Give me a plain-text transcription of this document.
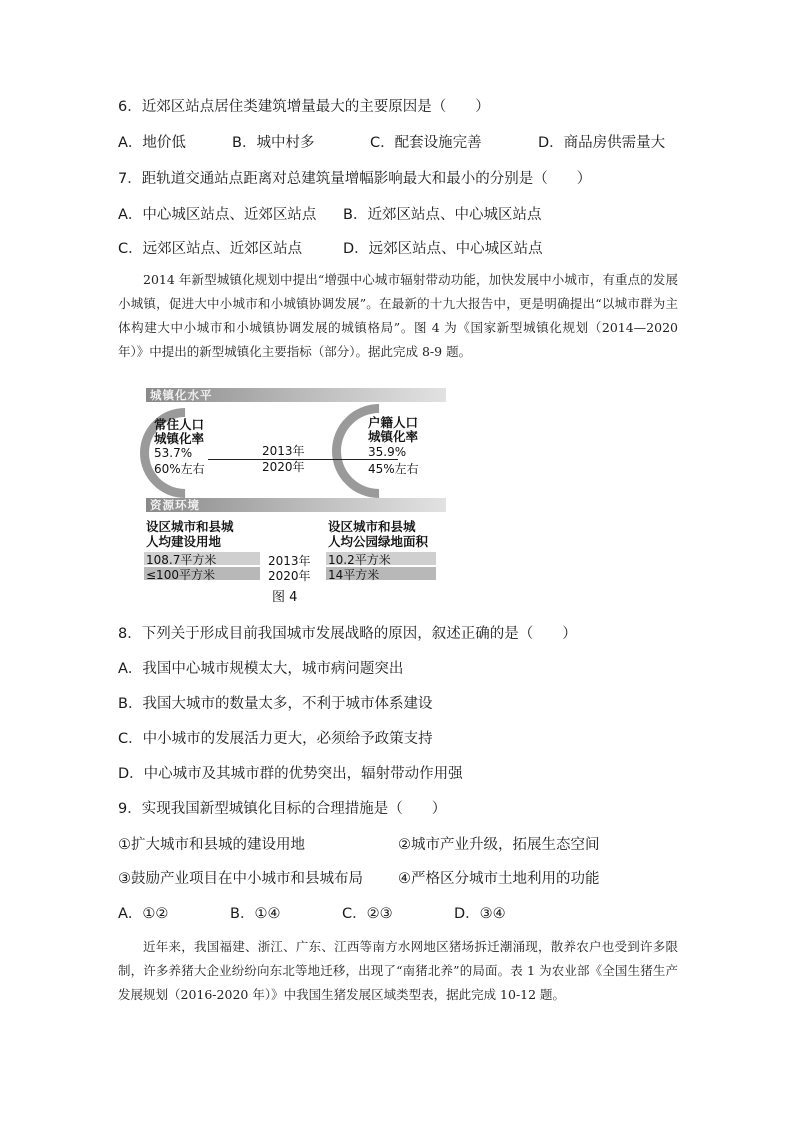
6．近郊区站点居住类建筑增量最大的主要原因是（　　）
A．地价低	B．城中村多	C．配套设施完善	D．商品房供需量大
7．距轨道交通站点距离对总建筑量增幅影响最大和最小的分别是（　　）
A．中心城区站点、近郊区站点 B．近郊区站点、中心城区站点
C．远郊区站点、近郊区站点	D．远郊区站点、中心城区站点
2014 年新型城镇化规划中提出“增强中心城市辐射带动功能，加快发展中小城市，有重点的发展小城镇，促进大中小城市和小城镇协调发展”。在最新的十九大报告中，更是明确提出“以城市群为主体构建大中小城市和小城镇协调发展的城镇格局”。图 4 为《国家新型城镇化规划（2014—2020 年）》中提出的新型城镇化主要指标（部分）。据此完成 8-9 题。
城镇化水平
常住人口
城镇化率
53.7%
60%左右
2013年
2020年
户籍人口
城镇化率
35.9%
45%左右
资源环境
设区城市和县城
人均建设用地
108.7平方米
≤100平方米
2013年
2020年
设区城市和县城
人均公园绿地面积
10.2平方米
14平方米
图 4
8．下列关于形成目前我国城市发展战略的原因，叙述正确的是（　　）
A．我国中心城市规模太大，城市病问题突出
B．我国大城市的数量太多，不利于城市体系建设
C．中小城市的发展活力更大，必须给予政策支持
D．中心城市及其城市群的优势突出，辐射带动作用强
9．实现我国新型城镇化目标的合理措施是（　　）
①扩大城市和县城的建设用地	②城市产业升级，拓展生态空间
③鼓励产业项目在中小城市和县城布局 ④严格区分城市土地利用的功能
A．①②	B．①④	C．②③	D．③④
近年来，我国福建、浙江、广东、江西等南方水网地区猪场拆迁潮涌现，散养农户也受到许多限制，许多养猪大企业纷纷向东北等地迁移，出现了“南猪北养”的局面。表 1 为农业部《全国生猪生产发展规划（2016-2020 年）》中我国生猪发展区域类型表，据此完成 10-12 题。
